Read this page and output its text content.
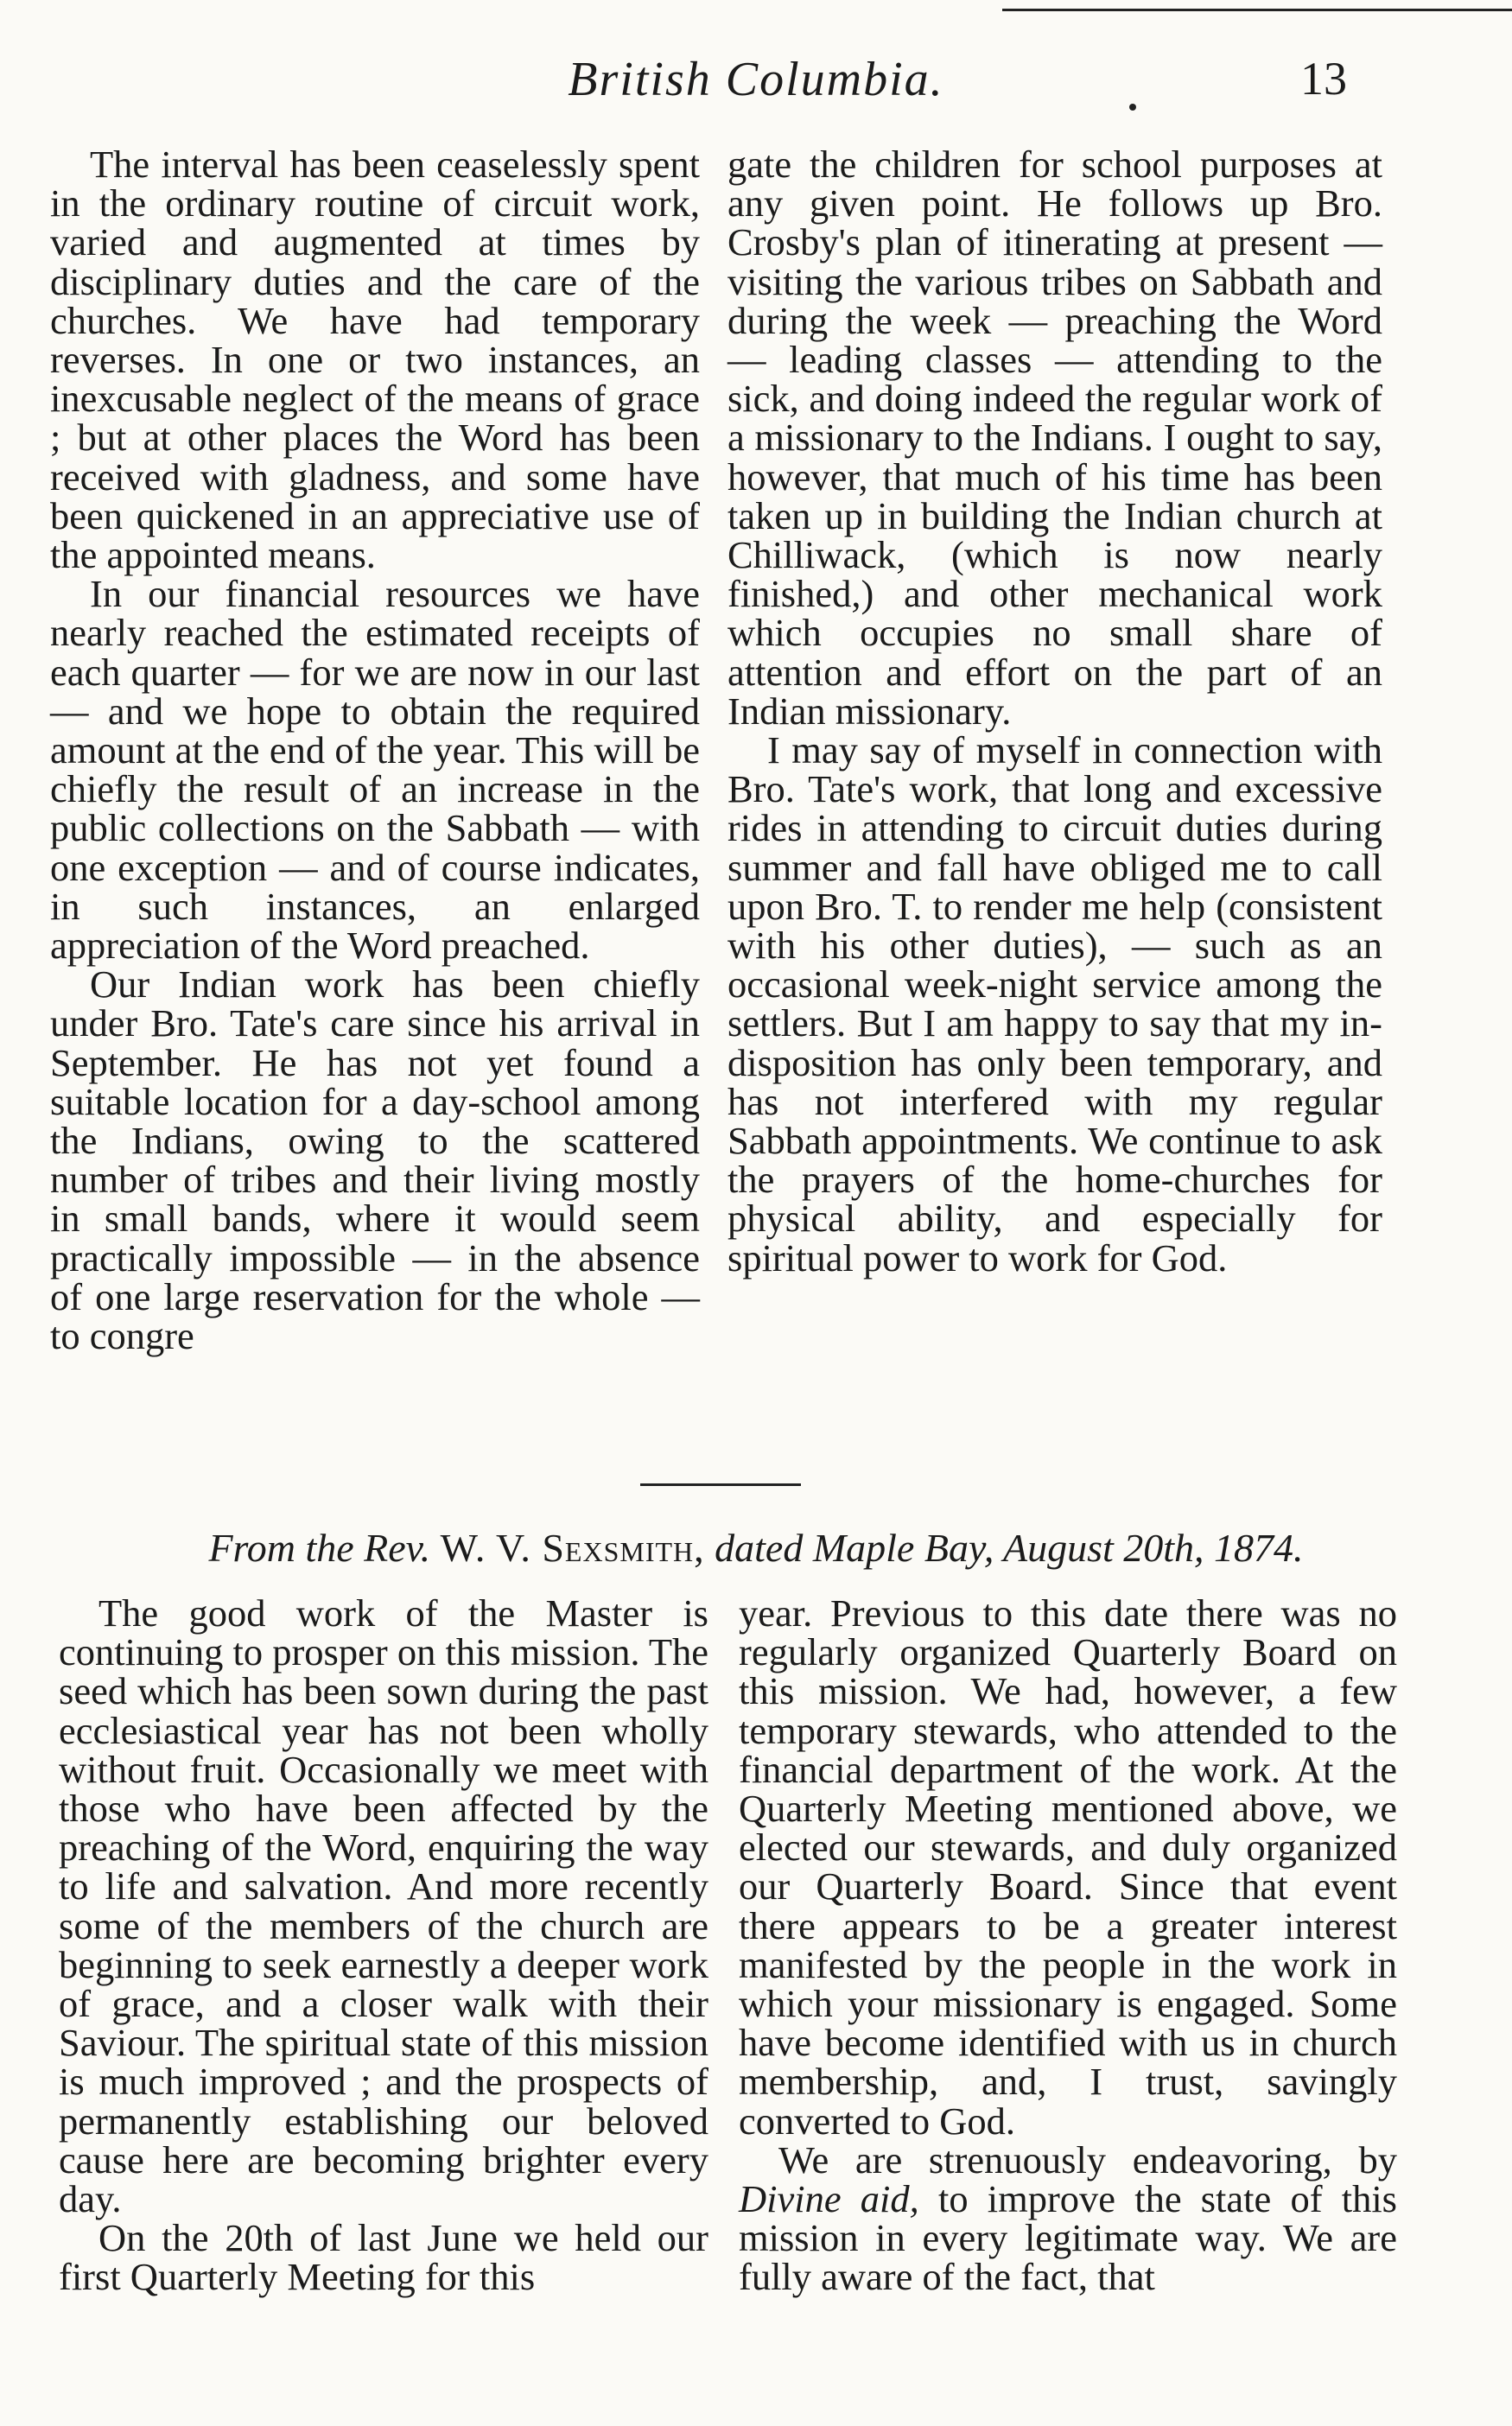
British Columbia.	13

The interval has been ceaselessly spent in the ordinary routine of circuit work, varied and augmented at times by disciplinary duties and the care of the churches. We have had temporary reverses. In one or two instances, an inexcusable neglect of the means of grace ; but at other places the Word has been received with gladness, and some have been quickened in an appreciative use of the appointed means.

In our financial resources we have nearly reached the estimated receipts of each quarter — for we are now in our last — and we hope to obtain the required amount at the end of the year. This will be chiefly the result of an increase in the public collections on the Sabbath — with one exception — and of course indicates, in such instances, an enlarged appreciation of the Word preached.

Our Indian work has been chiefly under Bro. Tate's care since his arrival in September. He has not yet found a suitable location for a day-school among the Indians, owing to the scattered number of tribes and their living mostly in small bands, where it would seem practically impossible — in the absence of one large reservation for the whole — to congre

gate the children for school purposes at any given point. He follows up Bro. Crosby's plan of itinerating at present — visiting the various tribes on Sabbath and during the week — preaching the Word — leading classes — attending to the sick, and doing indeed the regular work of a missionary to the Indians. I ought to say, however, that much of his time has been taken up in building the Indian church at Chilliwack, (which is now nearly finished,) and other mechanical work which occupies no small share of attention and effort on the part of an Indian missionary.

I may say of myself in connection with Bro. Tate's work, that long and excessive rides in attending to circuit duties during summer and fall have obliged me to call upon Bro. T. to render me help (consistent with his other duties), — such as an occasional week-night service among the settlers. But I am happy to say that my indisposition has only been temporary, and has not interfered with my regular Sabbath appointments. We continue to ask the prayers of the home-churches for physical ability, and especially for spiritual power to work for God.

From the Rev. W. V. Sexsmith, dated Maple Bay, August 20th, 1874.

The good work of the Master is continuing to prosper on this mission. The seed which has been sown during the past ecclesiastical year has not been wholly without fruit. Occasionally we meet with those who have been affected by the preaching of the Word, enquiring the way to life and salvation. And more recently some of the members of the church are beginning to seek earnestly a deeper work of grace, and a closer walk with their Saviour. The spiritual state of this mission is much improved ; and the prospects of permanently establishing our beloved cause here are becoming brighter every day.

On the 20th of last June we held our first Quarterly Meeting for this

year. Previous to this date there was no regularly organized Quarterly Board on this mission. We had, however, a few temporary stewards, who attended to the financial department of the work. At the Quarterly Meeting mentioned above, we elected our stewards, and duly organized our Quarterly Board. Since that event there appears to be a greater interest manifested by the people in the work in which your missionary is engaged. Some have become identified with us in church membership, and, I trust, savingly converted to God.

We are strenuously endeavoring, by Divine aid, to improve the state of this mission in every legitimate way. We are fully aware of the fact, that
